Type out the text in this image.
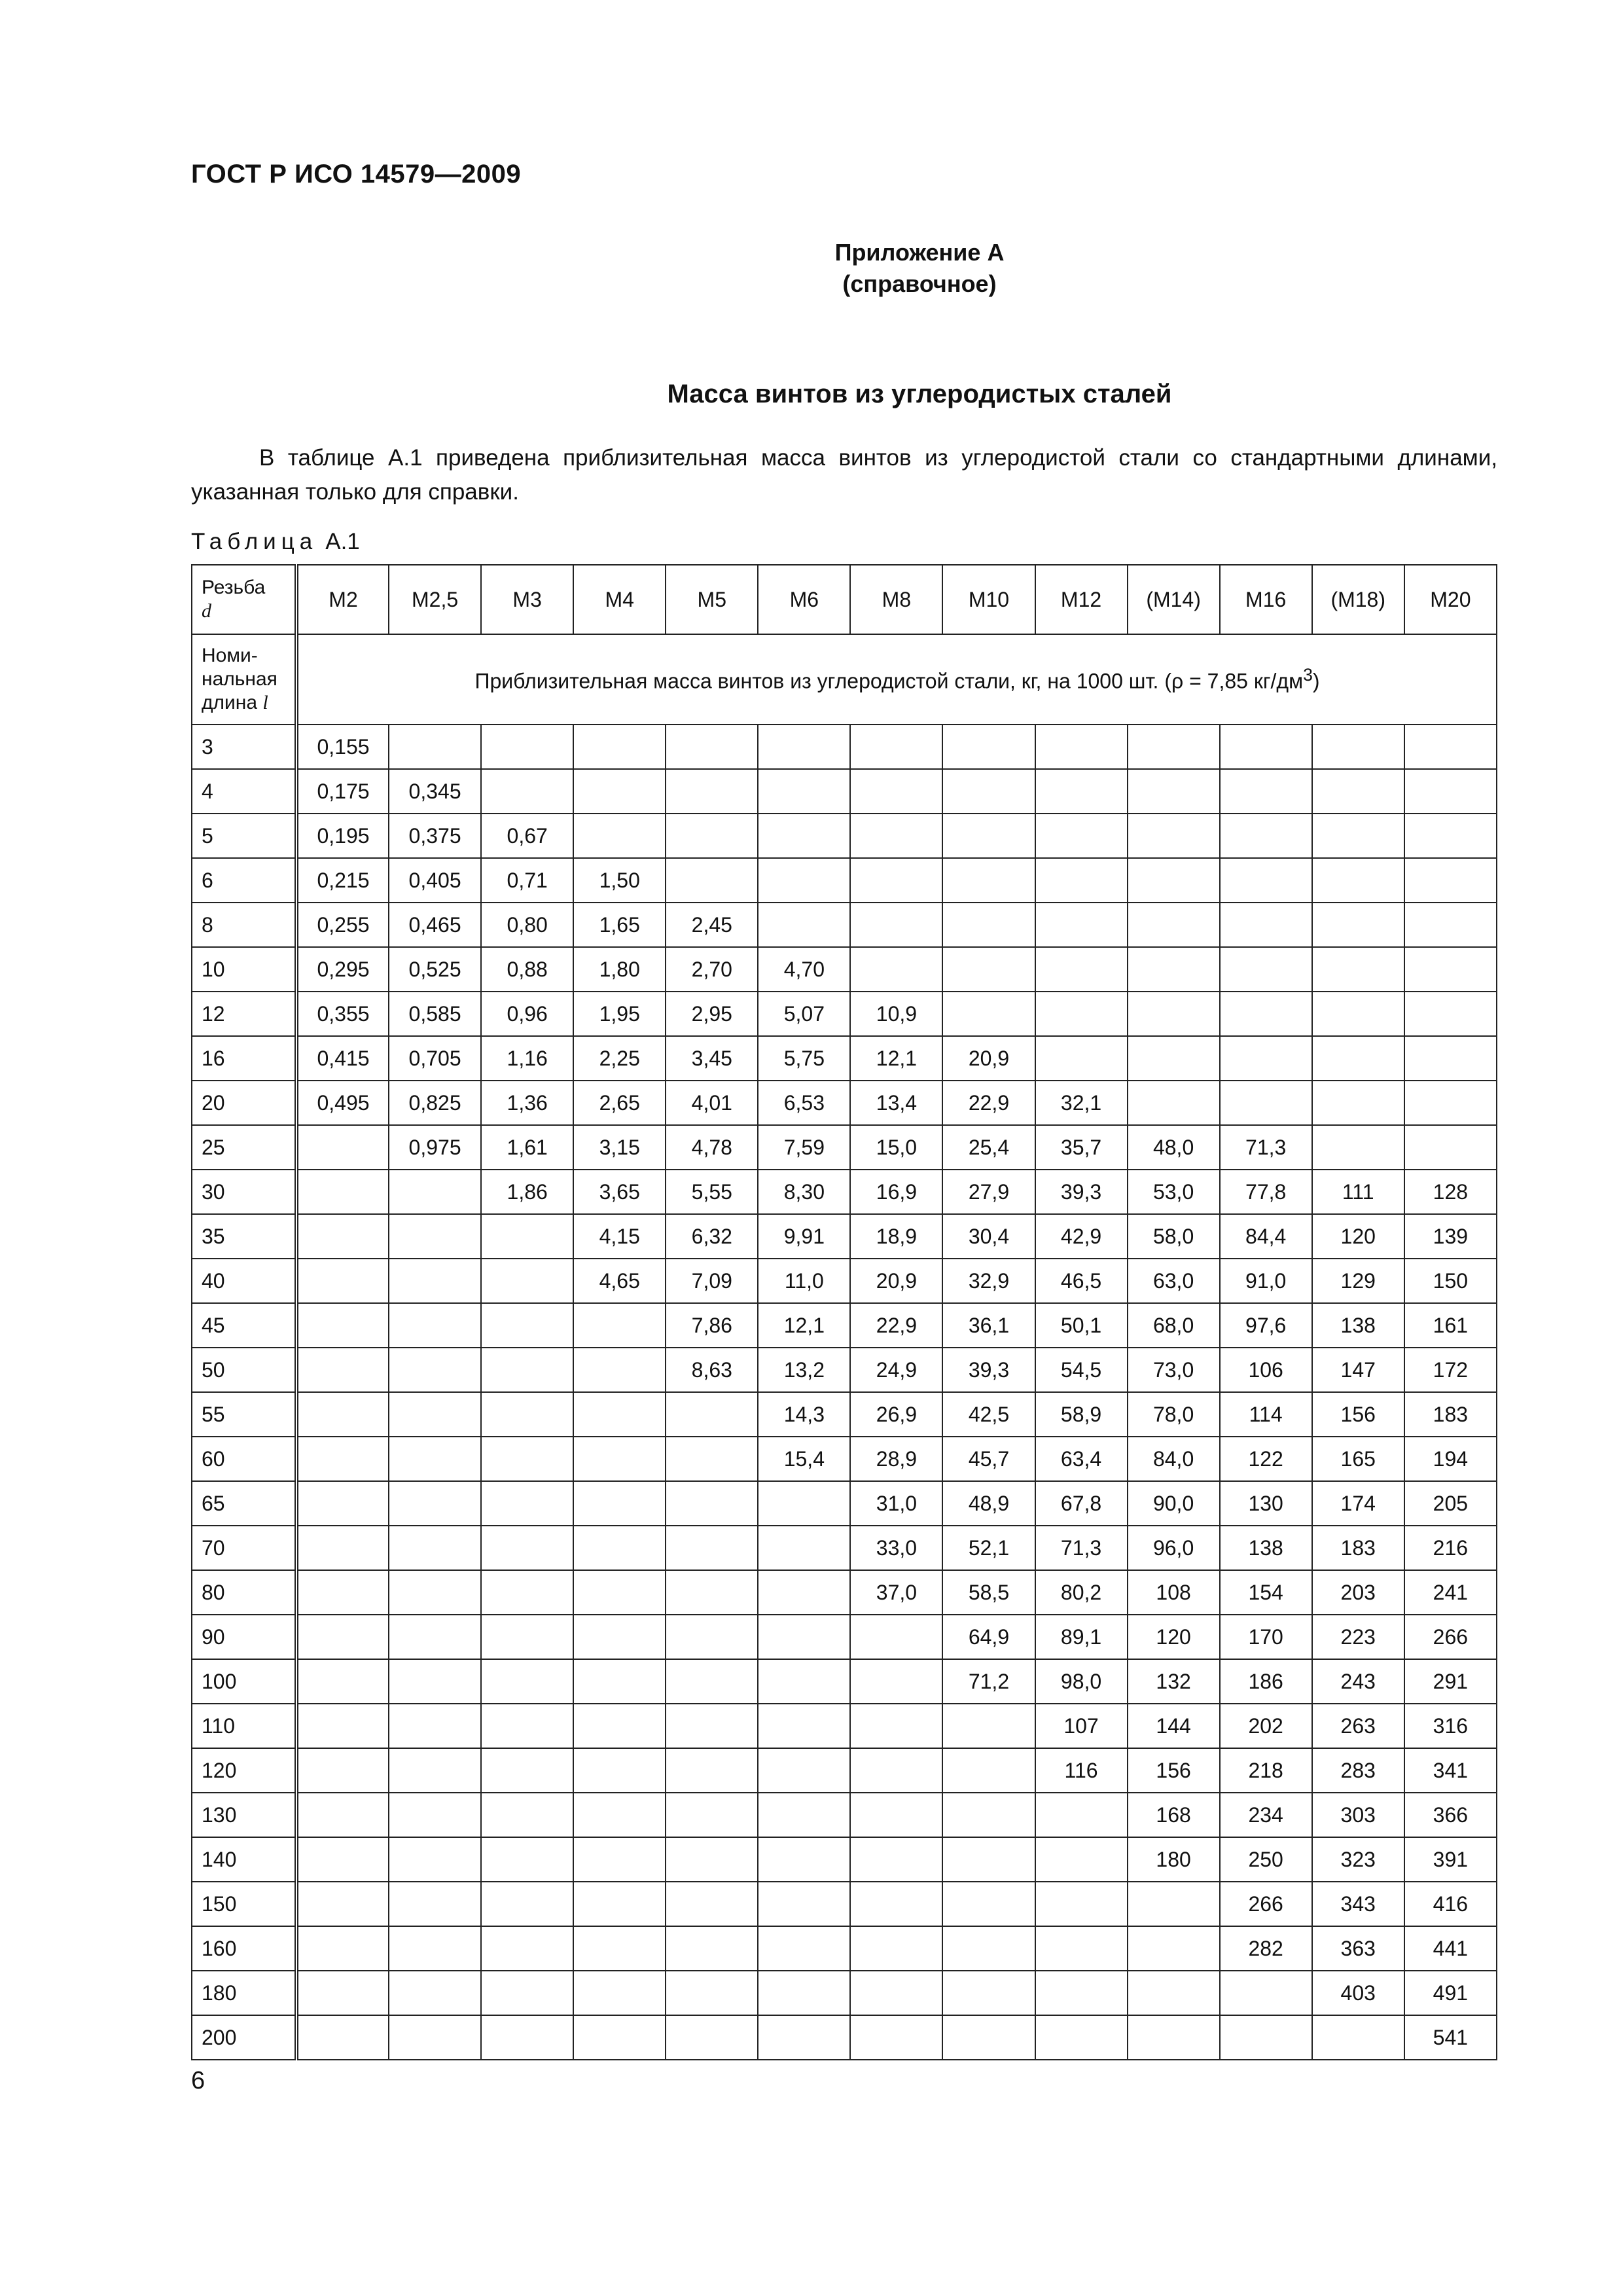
ГОСТ Р ИСО 14579—2009
Приложение А
(справочное)
Масса винтов из углеродистых сталей
В таблице А.1 приведена приблизительная масса винтов из углеродистой стали со стандартными длинами, указанная только для справки.
Таблица А.1
Резьба
d	M2	M2,5	M3	M4	M5	M6	M8	M10	M12	(M14)	M16	(M18)	M20
Номи-
нальная
длина l	Приблизительная масса винтов из углеродистой стали, кг, на 1000 шт. (ρ = 7,85 $кг/дм^3$)												
3	0,155												
4	0,175	0,345											
5	0,195	0,375	0,67										
6	0,215	0,405	0,71	1,50									
8	0,255	0,465	0,80	1,65	2,45								
10	0,295	0,525	0,88	1,80	2,70	4,70							
12	0,355	0,585	0,96	1,95	2,95	5,07	10,9						
16	0,415	0,705	1,16	2,25	3,45	5,75	12,1	20,9					
20	0,495	0,825	1,36	2,65	4,01	6,53	13,4	22,9	32,1				
25		0,975	1,61	3,15	4,78	7,59	15,0	25,4	35,7	48,0	71,3		
30			1,86	3,65	5,55	8,30	16,9	27,9	39,3	53,0	77,8	111	128
35				4,15	6,32	9,91	18,9	30,4	42,9	58,0	84,4	120	139
40				4,65	7,09	11,0	20,9	32,9	46,5	63,0	91,0	129	150
45					7,86	12,1	22,9	36,1	50,1	68,0	97,6	138	161
50					8,63	13,2	24,9	39,3	54,5	73,0	106	147	172
55						14,3	26,9	42,5	58,9	78,0	114	156	183
60						15,4	28,9	45,7	63,4	84,0	122	165	194
65							31,0	48,9	67,8	90,0	130	174	205
70							33,0	52,1	71,3	96,0	138	183	216
80							37,0	58,5	80,2	108	154	203	241
90								64,9	89,1	120	170	223	266
100								71,2	98,0	132	186	243	291
110									107	144	202	263	316
120									116	156	218	283	341
130										168	234	303	366
140										180	250	323	391
150											266	343	416
160											282	363	441
180												403	491
200													541
6
